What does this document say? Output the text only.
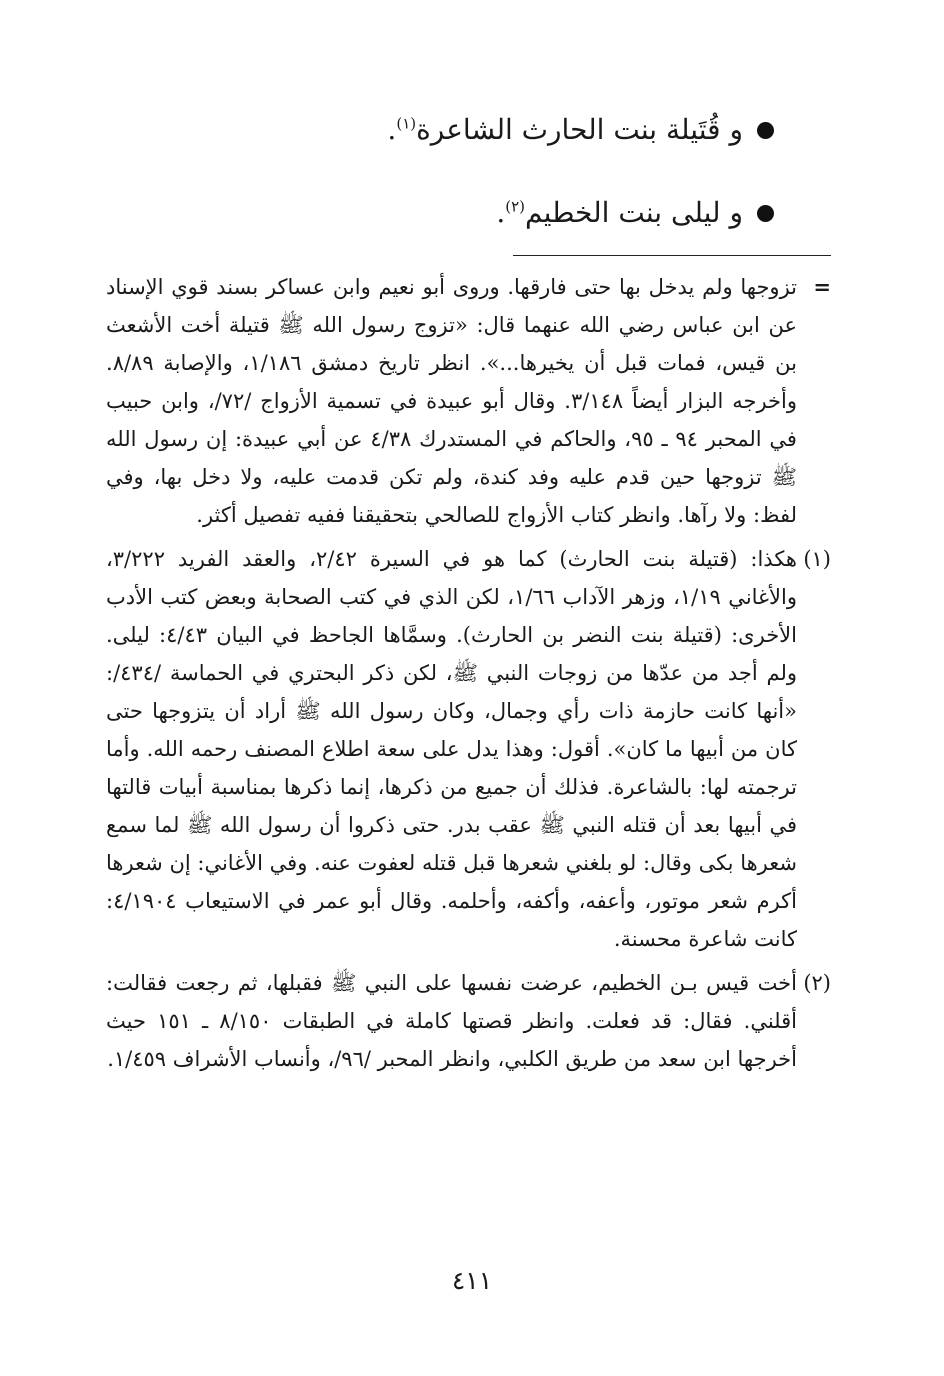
و قُتَيلة بنت الحارث الشاعرة$^{(١)}$.
و ليلى بنت الخطيم$^{(٢)}$.
=
تزوجها ولم يدخل بها حتى فارقها. وروى أبو نعيم وابن عساكر بسند قوي الإسناد عن ابن عباس رضي الله عنهما قال: «تزوج رسول الله ﷺ قتيلة أخت الأشعث بن قيس، فمات قبل أن يخيرها...». انظر تاريخ دمشق ١/١٨٦، والإصابة ٨/٨٩. وأخرجه البزار أيضاً ٣/١٤٨. وقال أبو عبيدة في تسمية الأزواج /٧٢/، وابن حبيب في المحبر ٩٤ ـ ٩٥، والحاكم في المستدرك ٤/٣٨ عن أبي عبيدة: إن رسول الله ﷺ تزوجها حين قدم عليه وفد كندة، ولم تكن قدمت عليه، ولا دخل بها، وفي لفظ: ولا رآها. وانظر كتاب الأزواج للصالحي بتحقيقنا ففيه تفصيل أكثر.
(١)
هكذا: (قتيلة بنت الحارث) كما هو في السيرة ٢/٤٢، والعقد الفريد ٣/٢٢٢، والأغاني ١/١٩، وزهر الآداب ١/٦٦، لكن الذي في كتب الصحابة وبعض كتب الأدب الأخرى: (قتيلة بنت النضر بن الحارث). وسمَّاها الجاحظ في البيان ٤/٤٣: ليلى. ولم أجد من عدّها من زوجات النبي ﷺ، لكن ذكر البحتري في الحماسة /٤٣٤/: «أنها كانت حازمة ذات رأي وجمال، وكان رسول الله ﷺ أراد أن يتزوجها حتى كان من أبيها ما كان». أقول: وهذا يدل على سعة اطلاع المصنف رحمه الله. وأما ترجمته لها: بالشاعرة. فذلك أن جميع من ذكرها، إنما ذكرها بمناسبة أبيات قالتها في أبيها بعد أن قتله النبي ﷺ عقب بدر. حتى ذكروا أن رسول الله ﷺ لما سمع شعرها بكى وقال: لو بلغني شعرها قبل قتله لعفوت عنه. وفي الأغاني: إن شعرها أكرم شعر موتور، وأعفه، وأكفه، وأحلمه. وقال أبو عمر في الاستيعاب ٤/١٩٠٤: كانت شاعرة محسنة.
(٢)
أخت قيس بـن الخطيم، عرضت نفسها على النبي ﷺ فقبلها، ثم رجعت فقالت: أقلني. فقال: قد فعلت. وانظر قصتها كاملة في الطبقات ٨/١٥٠ ـ ١٥١ حيث أخرجها ابن سعد من طريق الكلبي، وانظر المحبر /٩٦/، وأنساب الأشراف ١/٤٥٩.
٤١١
